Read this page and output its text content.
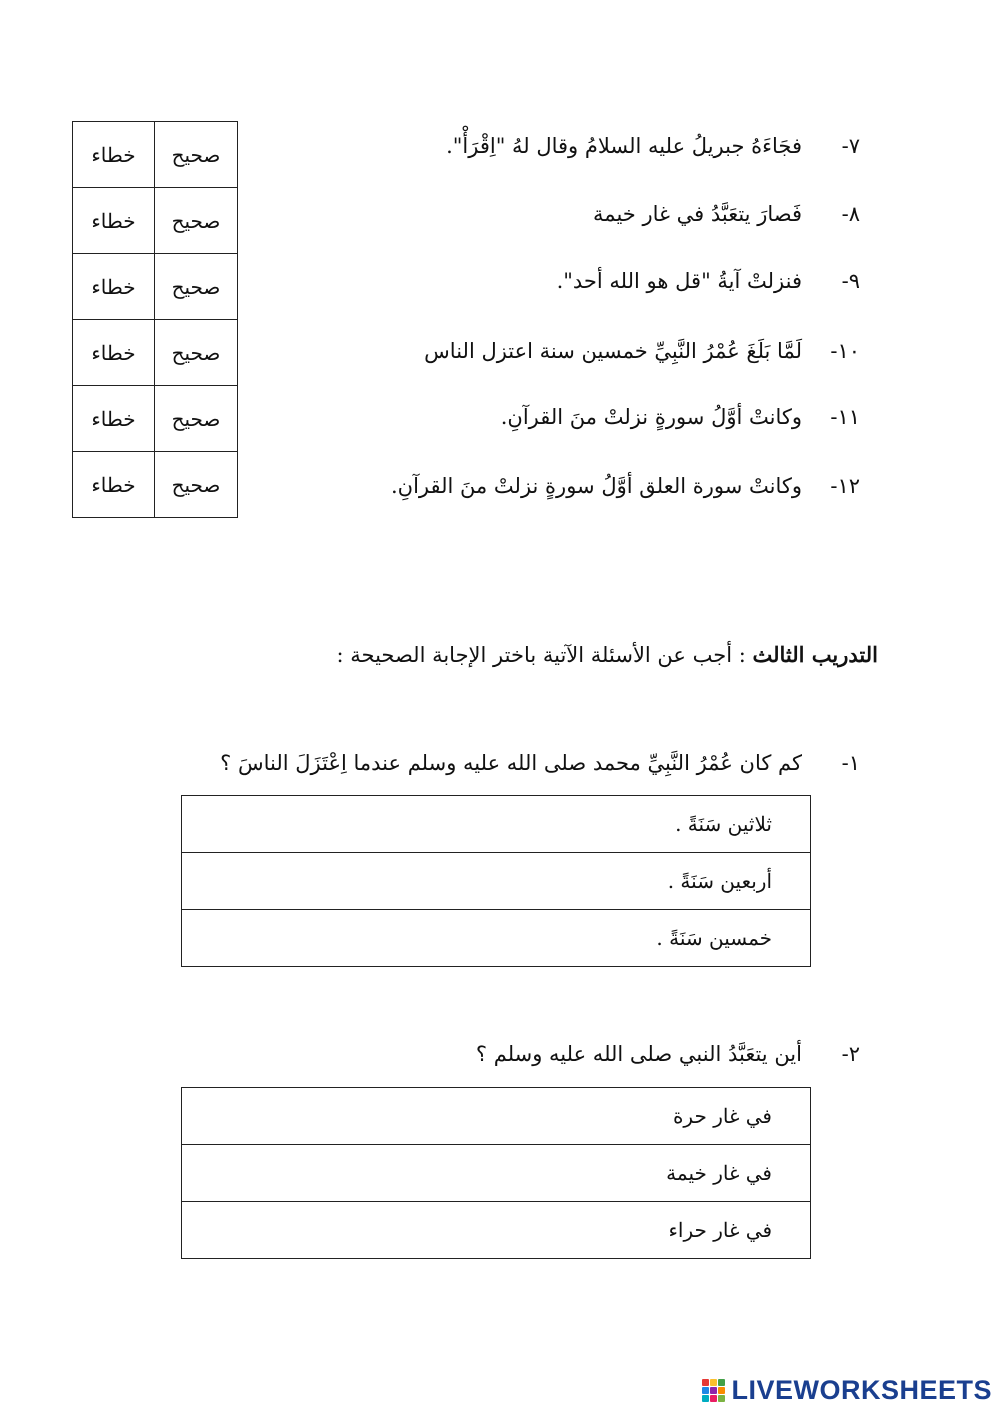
٧-فجَاءَهُ جبريلُ عليه السلامُ وقال لهُ "اِقْرَأْ".
٨-فَصارَ يتعَبَّدُ في غار خيمة
٩-فنزلتْ آيةُ "قل هو الله أحد".
١٠-لَمَّا بَلَغَ عُمْرُ النَّبِيِّ خمسين سنة اعتزل الناس
١١-وكانتْ أوَّلُ سورةٍ نزلتْ منَ القرآنِ.
١٢-وكانتْ سورة العلق أوَّلُ سورةٍ نزلتْ منَ القرآنِ.
خطاء	صحيح
خطاء	صحيح
خطاء	صحيح
خطاء	صحيح
خطاء	صحيح
خطاء	صحيح
التدريب الثالث : أجب عن الأسئلة الآتية باختر الإجابة الصحيحة :
١-كم كان عُمْرُ النَّبِيِّ محمد صلى الله عليه وسلم عندما اِعْتَزَلَ الناسَ ؟
ثلاثين سَنَةً .
أربعين سَنَةً .
خمسين سَنَةً .
٢-أين يتعَبَّدُ النبي صلى الله عليه وسلم ؟
في غار حرة
في غار خيمة
في غار حراء
LIVEWORKSHEETS
